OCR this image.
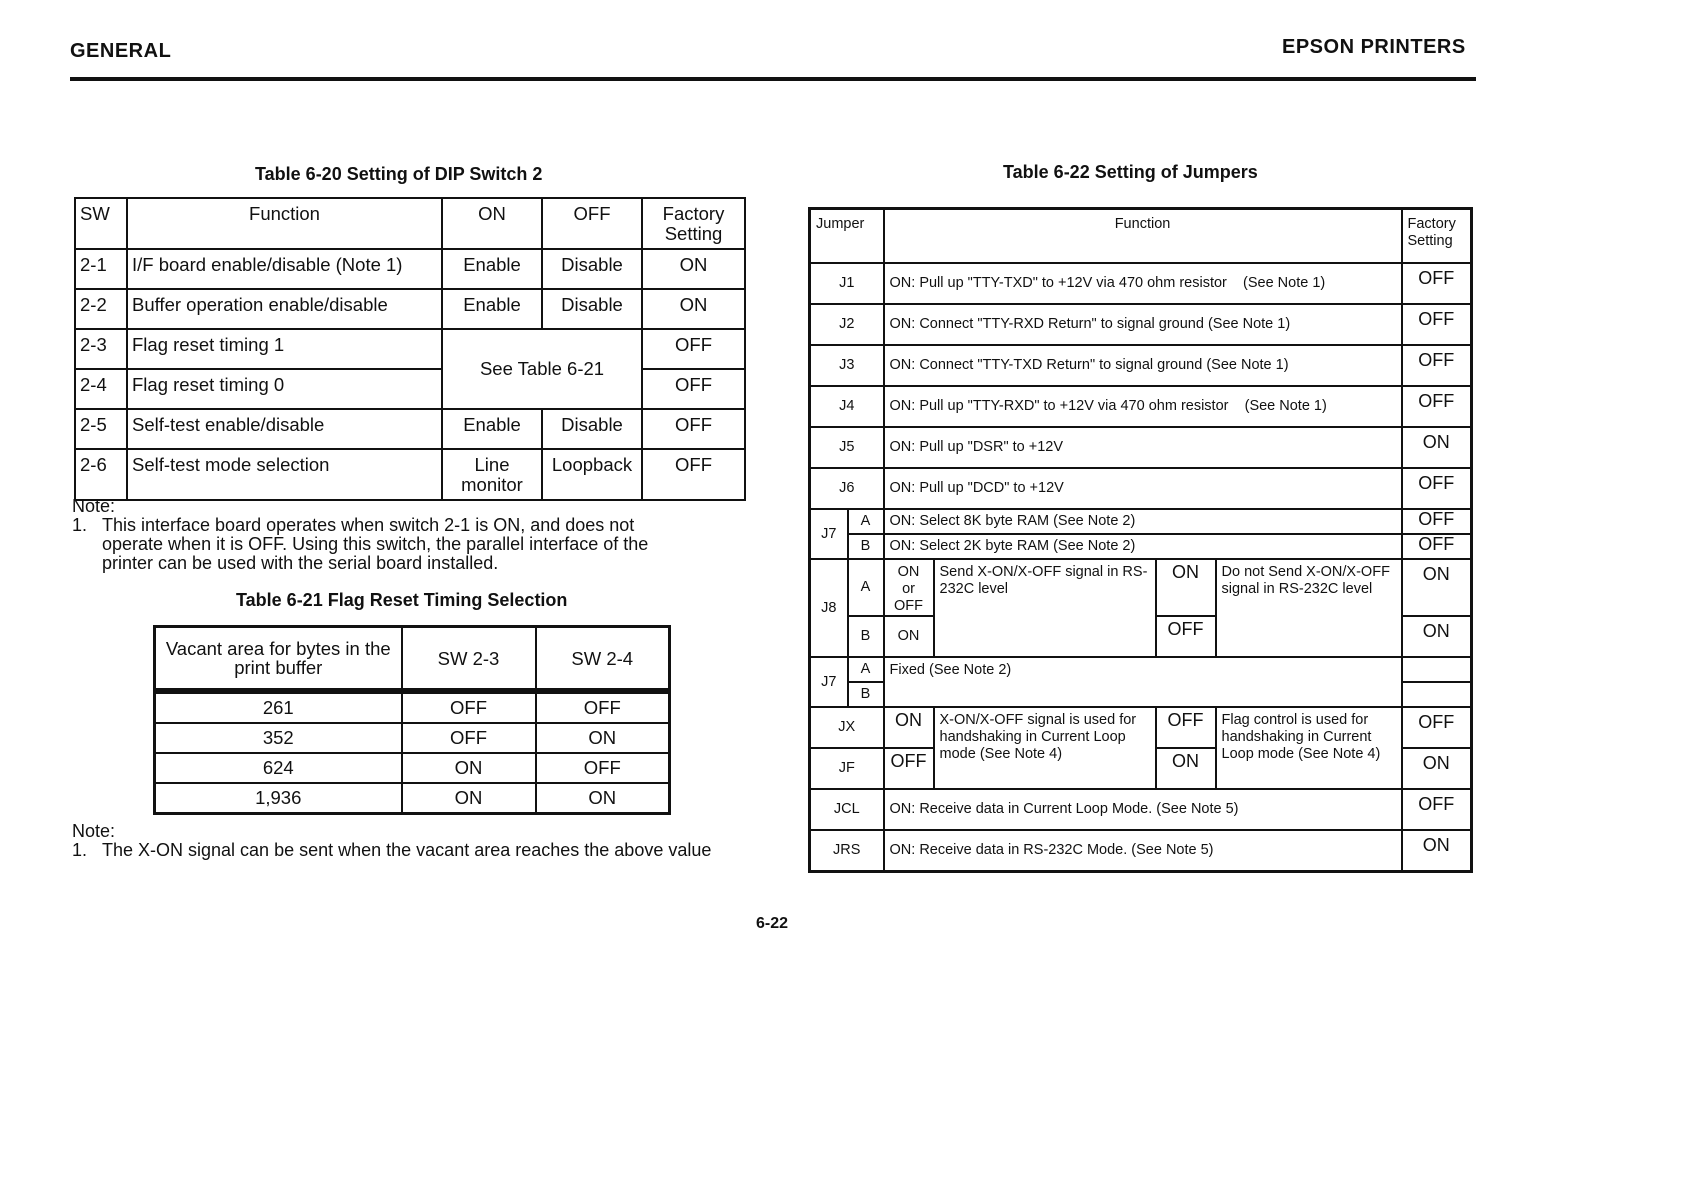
GENERAL	EPSON PRINTERS
Table 6-20 Setting of DIP Switch 2
SW	Function	ON	OFF	Factory Setting
2-1	I/F board enable/disable (Note 1)	Enable	Disable	ON
2-2	Buffer operation enable/disable	Enable	Disable	ON
2-3	Flag reset timing 1	See Table 6-21		OFF
2-4	Flag reset timing 0			OFF
2-5	Self-test enable/disable	Enable	Disable	OFF
2-6	Self-test mode selection	Line monitor	Loopback	OFF
Note:
1. This interface board operates when switch 2-1 is ON, and does not
operate when it is OFF. Using this switch, the parallel interface of the
printer can be used with the serial board installed.
Table 6-21 Flag Reset Timing Selection
Vacant area for bytes in the print buffer	SW 2-3	SW 2-4
261	OFF	OFF
352	OFF	ON
624	ON	OFF
1,936	ON	ON
Note:
1. The X-ON signal can be sent when the vacant area reaches the above value
Table 6-22 Setting of Jumpers
Jumper		Function				Factory Setting
J1		ON: Pull up "TTY-TXD" to +12V via 470 ohm resistor (See Note 1)				OFF
J2		ON: Connect "TTY-RXD Return" to signal ground (See Note 1)				OFF
J3		ON: Connect "TTY-TXD Return" to signal ground (See Note 1)				OFF
J4		ON: Pull up "TTY-RXD" to +12V via 470 ohm resistor (See Note 1)				OFF
J5		ON: Pull up "DSR" to +12V				ON
J6		ON: Pull up "DCD" to +12V				OFF
J7	A	ON: Select 8K byte RAM (See Note 2)				OFF
	B	ON: Select 2K byte RAM (See Note 2)				OFF
J8	A	ON or OFF	Send X-ON/X-OFF signal in RS-232C level	ON	Do not Send X-ON/X-OFF signal in RS-232C level	ON
	B	ON		OFF		ON
J7	A	Fixed (See Note 2)				
	B					
JX		ON	X-ON/X-OFF signal is used for handshaking in Current Loop mode (See Note 4)	OFF	Flag control is used for handshaking in Current Loop mode (See Note 4)	OFF
JF		OFF		ON		ON
JCL		ON: Receive data in Current Loop Mode. (See Note 5)				OFF
JRS		ON: Receive data in RS-232C Mode. (See Note 5)				ON
6-22
